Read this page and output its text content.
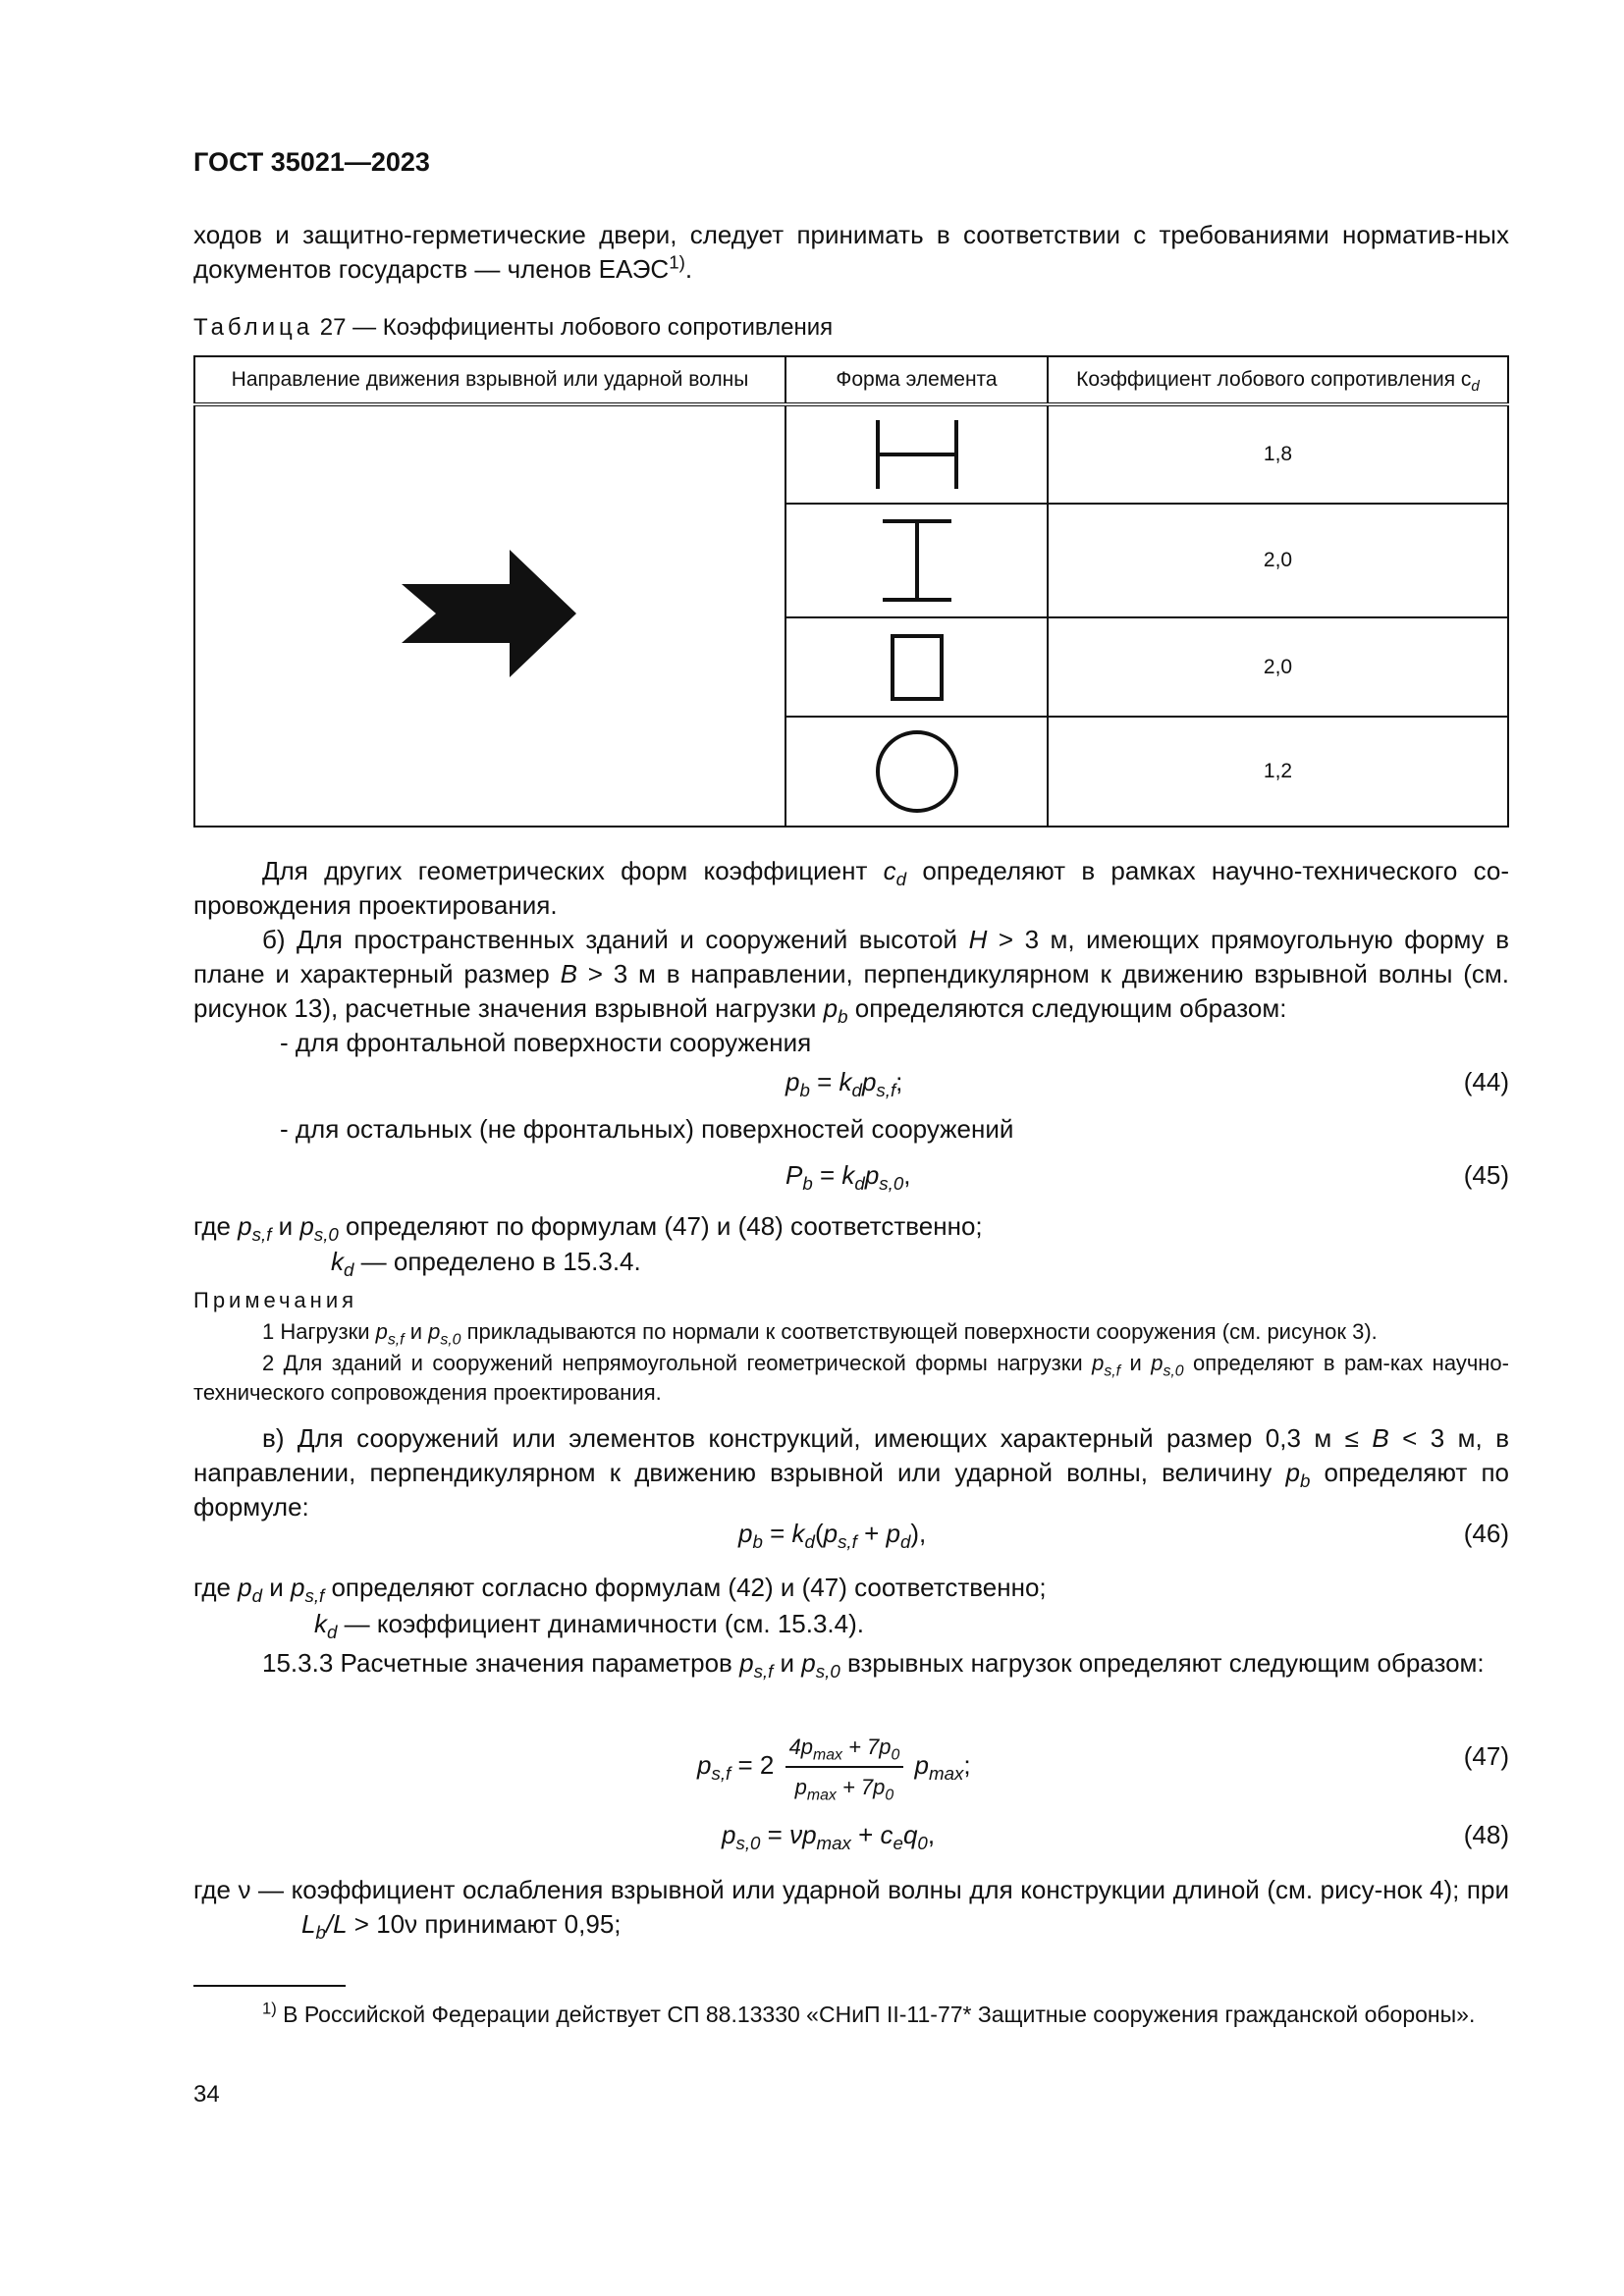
ГОСТ 35021—2023
ходов и защитно-герметические двери, следует принимать в соответствии с требованиями норматив-ных документов государств — членов ЕАЭС$^{1)}$.
Таблица 27 — Коэффициенты лобового сопротивления
Направление движения взрывной или ударной волны	Форма элемента	Коэффициент лобового сопротивления $c_d$

	1,8

	2,0

	2,0

	1,2
Для других геометрических форм коэффициент $c_d$ определяют в рамках научно-технического со-провождения проектирования.
б) Для пространственных зданий и сооружений высотой H > 3 м, имеющих прямоугольную форму в плане и характерный размер B > 3 м в направлении, перпендикулярном к движению взрывной волны (см. рисунок 13), расчетные значения взрывной нагрузки $p_b$ определяются следующим образом:
- для фронтальной поверхности сооружения
$p_b = k_dp_{s,f}$;	(44)
- для остальных (не фронтальных) поверхностей сооружений
$P_b = k_dp_{s,0}$,	(45)
где $p_{s,f}$ и $p_{s,0}$ определяют по формулам (47) и (48) соответственно;
$k_d$ — определено в 15.3.4.
Примечания
1 Нагрузки $p_{s,f}$ и $p_{s,0}$ прикладываются по нормали к соответствующей поверхности сооружения (см. рисунок 3).
2 Для зданий и сооружений непрямоугольной геометрической формы нагрузки $p_{s,f}$ и $p_{s,0}$ определяют в рам-ках научно-технического сопровождения проектирования.
в) Для сооружений или элементов конструкций, имеющих характерный размер 0,3 м ≤ B < 3 м, в направлении, перпендикулярном к движению взрывной или ударной волны, величину $p_b$ определяют по формуле:
$p_b = k_d(p_{s,f} + p_d)$,	(46)
где $p_d$ и $p_{s,f}$ определяют согласно формулам (42) и (47) соответственно;
$k_d$ — коэффициент динамичности (см. 15.3.4).
15.3.3 Расчетные значения параметров $p_{s,f}$ и $p_{s,0}$ взрывных нагрузок определяют следующим образом:
$p_{s,f} = 2 \frac{4p_{max} + 7p_0}{p_{max} + 7p_0} p_{max}$;	(47)
$p_{s,0} = \nu p_{max} + c_eq_0$,	(48)
где ν — коэффициент ослабления взрывной или ударной волны для конструкции длиной (см. рису-нок 4); при $L_b/L > 10\nu$ принимают 0,95;
$^{1)}$ В Российской Федерации действует СП 88.13330 «СНиП II-11-77* Защитные сооружения гражданской обороны».
34
